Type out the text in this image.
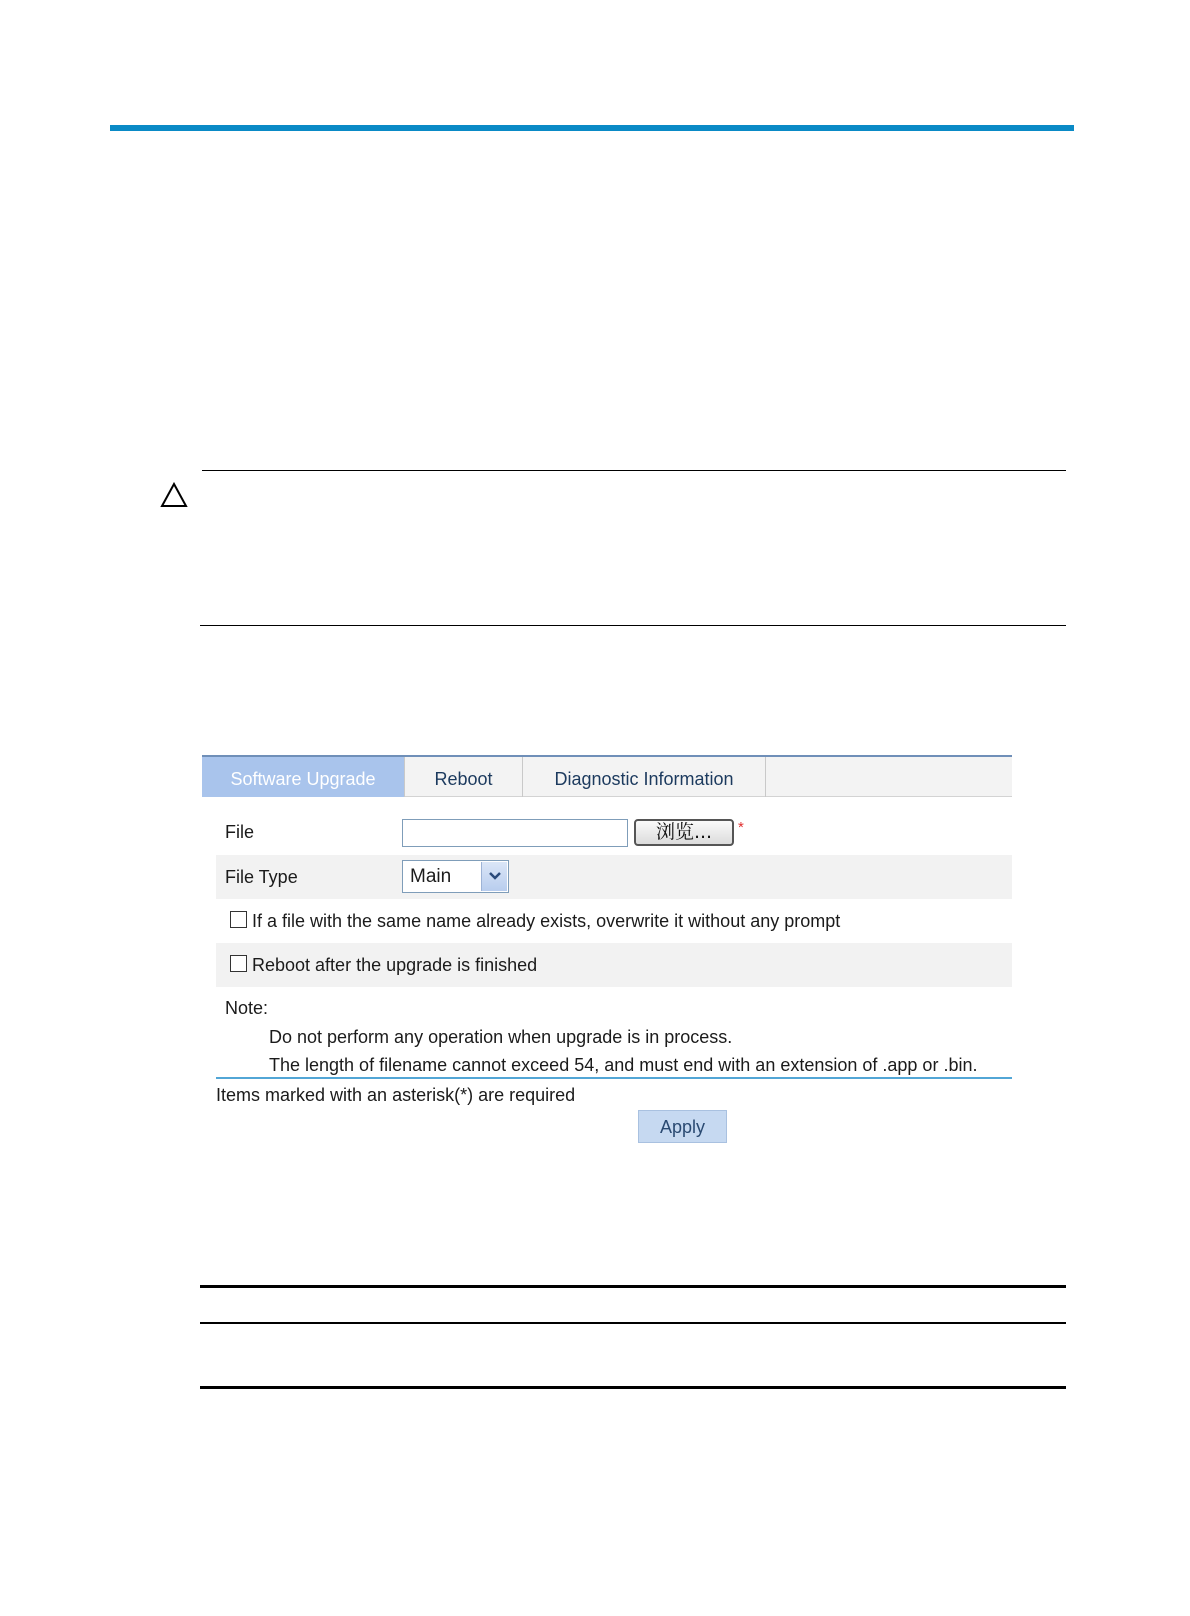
Software Upgrade	Reboot	Diagnostic Information
File	浏览...	*
File Type	Main
If a file with the same name already exists, overwrite it without any prompt
Reboot after the upgrade is finished
Note:
Do not perform any operation when upgrade is in process.
The length of filename cannot exceed 54, and must end with an extension of .app or .bin.
Items marked with an asterisk(*) are required
Apply
